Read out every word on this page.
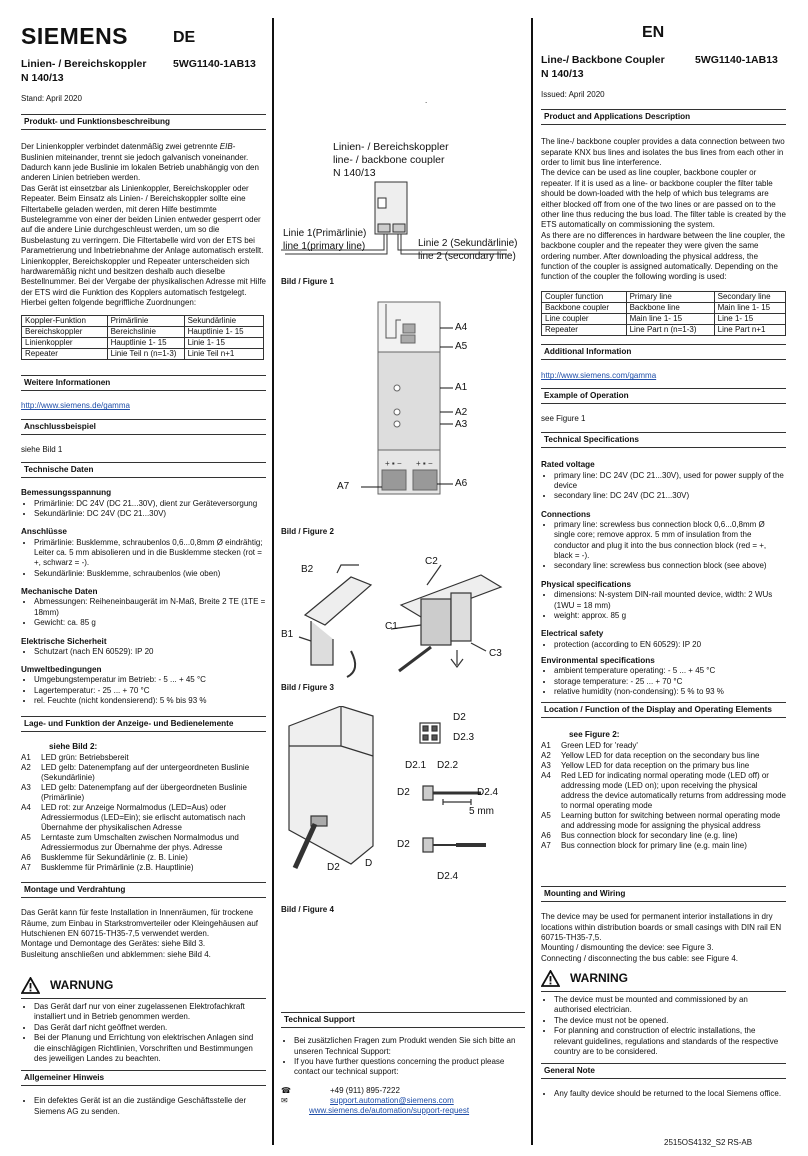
SIEMENS	DE
Linien- / Bereichskoppler
N 140/13
5WG1140-1AB13
Stand: April 2020
Produkt- und Funktionsbeschreibung

Der Linienkoppler verbindet datenmäßig zwei getrennte EIB-Buslinien miteinander, trennt sie jedoch galvanisch voneinander. Dadurch kann jede Buslinie im lokalen Betrieb unabhängig von den anderen Linien betrieben werden.

Das Gerät ist einsetzbar als Linienkoppler, Bereichskoppler oder Repeater. Beim Einsatz als Linien- / Bereichskoppler sollte eine Filtertabelle geladen werden, mit deren Hilfe bestimmte Bustelegramme von einer der beiden Linien entweder gesperrt oder auf die andere Linie durchgeschleust werden, um so die Busbelastung zu verringern. Die Filtertabelle wird von der ETS bei Parametrierung und Inbetriebnahme der Anlage automatisch erstellt. Linienkoppler, Bereichskoppler und Repeater unterscheiden sich hardwaremäßig nicht und besitzen deshalb auch dieselbe Bestellnummer. Bei der Vergabe der physikalischen Adresse mit Hilfe der ETS wird die Funktion des Kopplers automatisch festgelegt. Hierbei gelten folgende begriffliche Zuordnungen:

Koppler-Funktion	Primärlinie	Sekundärlinie
Bereichskoppler	Bereichslinie	Hauptlinie 1- 15
Linienkoppler	Hauptlinie 1- 15	Linie 1- 15
Repeater	Linie Teil n (n=1-3)	Linie Teil n+1
Weitere Informationen
http://www.siemens.de/gamma
Anschlussbeispiel

siehe Bild 1

Technische Daten

Bemessungsspannung

• Primärlinie: DC 24V (DC 21...30V), dient zur Geräteversorgung
• Sekundärlinie: DC 24V (DC 21...30V)

Anschlüsse

• Primärlinie: Busklemme, schraubenlos 0,6...0,8mm Ø eindrähtig; Leiter ca. 5 mm abisolieren und in die Busklemme stecken (rot = +, schwarz = -).
• Sekundärlinie: Busklemme, schraubenlos (wie oben)

Mechanische Daten

• Abmessungen: Reiheneinbaugerät im N-Maß, Breite 2 TE (1TE = 18mm)
• Gewicht: ca. 85 g

Elektrische Sicherheit

• Schutzart (nach EN 60529): IP 20

Umweltbedingungen

• Umgebungstemperatur im Betrieb: - 5 ... + 45 °C
• Lagertemperatur: - 25 ... + 70 °C
• rel. Feuchte (nicht kondensierend): 5 % bis 93 %
Lage- und Funktion der Anzeige- und Bedienelemente

siehe Bild 2:

A1	LED grün: Betriebsbereit
A2	LED gelb: Datenempfang auf der untergeordneten Buslinie (Sekundärlinie)
A3	LED gelb: Datenempfang auf der übergeordneten Buslinie (Primärlinie)
A4	LED rot: zur Anzeige Normalmodus (LED=Aus) oder Adressiermodus (LED=Ein); sie erlischt automatisch nach Übernahme der physikalischen Adresse
A5	Lerntaste zum Umschalten zwischen Normalmodus und Adressiermodus zur Übernahme der phys. Adresse
A6	Busklemme für Sekundärlinie (z. B. Linie)
A7	Busklemme für Primärlinie (z.B. Hauptlinie)
Montage und Verdrahtung

Das Gerät kann für feste Installation in Innenräumen, für trockene Räume, zum Einbau in Starkstromverteiler oder Kleingehäusen auf Hutschienen EN 60715-TH35-7,5 verwendet werden.

Montage und Demontage des Gerätes: siehe Bild 3.

Busleitung anschließen und abklemmen: siehe Bild 4.

WARNUNG
• Das Gerät darf nur von einer zugelassenen Elektrofachkraft installiert und in Betrieb genommen werden.
• Das Gerät darf nicht geöffnet werden.
• Bei der Planung und Errichtung von elektrischen Anlagen sind die einschlägigen Richtlinien, Vorschriften und Bestimmungen des jeweiligen Landes zu beachten.
Allgemeiner Hinweis
• Ein defektes Gerät ist an die zuständige Geschäftsstelle der Siemens AG zu senden.
.
Linien- / Bereichskoppler
line- / backbone coupler
N 140/13
Linie 1(Primärlinie)
line 1(primary line)	Linie 2 (Sekundärlinie)
line 2 (secondary line)
Bild / Figure 1
+ ▪ − + ▪ −
A4
A5
A1
A2
A3
A7	A6
Bild / Figure 2
B2
C2
B1
C1
C3
Bild / Figure 3
D2
D2.3
D2.1 D2.2
D2	D2.4
5 mm
D2
D2.4
D2	D
Bild / Figure 4
Technical Support
• Bei zusätzlichen Fragen zum Produkt wenden Sie sich bitte an unseren Technical Support:
• If you have further questions concerning the product please contact our technical support:
☎	+49 (911) 895-7222
✉	support.automation@siemens.com
www.siemens.de/automation/support-request
EN
Line-/ Backbone Coupler
N 140/13
5WG1140-1AB13
Issued: April 2020
Product and Applications Description

The line-/ backbone coupler provides a data connection between two separate KNX bus lines and isolates the bus lines from each other in order to limit bus line interference.

The device can be used as line coupler, backbone coupler or repeater. If it is used as a line- or backbone coupler the filter table should be down-loaded with the help of which bus telegrams are either blocked off from one of the two lines or are passed on to the other line thus reducing the bus load. The filter table is created by the ETS automatically on commissioning the system.

As there are no differences in hardware between the line coupler, the backbone coupler and the repeater they were given the same ordering number. After downloading the physical address, the function of the coupler is assigned automatically. Depending on the function of the coupler the following wording is used:

Coupler function	Primary line	Secondary line
Backbone coupler	Backbone line	Main line 1- 15
Line coupler	Main line 1- 15	Line 1- 15
Repeater	Line Part n (n=1-3)	Line Part n+1
Additional Information
http://www.siemens.com/gamma
Example of Operation

see Figure 1

Technical Specifications

Rated voltage

• primary line: DC 24V (DC 21...30V), used for power supply of the device
• secondary line: DC 24V (DC 21...30V)

Connections

• primary line: screwless bus connection block 0,6...0,8mm Ø single core; remove approx. 5 mm of insulation from the conductor and plug it into the bus connection block (red = +, black = -).
• secondary line: screwless bus connection block (see above)

Physical specifications

• dimensions: N-system DIN-rail mounted device, width: 2 WUs (1WU = 18 mm)
• weight: approx. 85 g

Electrical safety

• protection (according to EN 60529): IP 20

Environmental specifications

• ambient temperature operating: - 5 ... + 45 °C
• storage temperature: - 25 ... + 70 °C
• relative humidity (non-condensing): 5 % to 93 %
Location / Function of the Display and Operating Elements

see Figure 2:

A1	Green LED for 'ready'
A2	Yellow LED for data reception on the secondary bus line
A3	Yellow LED for data reception on the primary bus line
A4	Red LED for indicating normal operating mode (LED off) or addressing mode (LED on); upon receiving the physical address the device automatically returns from addressing mode to normal operating mode
A5	Learning button for switching between normal operating mode and addressing mode for assigning the physical address
A6	Bus connection block for secondary line (e.g. line)
A7	Bus connection block for primary line (e.g. main line)
Mounting and Wiring

The device may be used for permanent interior installations in dry locations within distribution boards or small casings with DIN rail EN 60715-TH35-7,5.

Mounting / dismounting the device: see Figure 3.

Connecting / disconnecting the bus cable: see Figure 4.

WARNING
• The device must be mounted and commissioned by an authorised electrician.
• The device must not be opened.
• For planning and construction of electric installations, the relevant guidelines, regulations and standards of the respective country are to be considered.
General Note
• Any faulty device should be returned to the local Siemens office.
2515OS4132_S2 RS-AB
